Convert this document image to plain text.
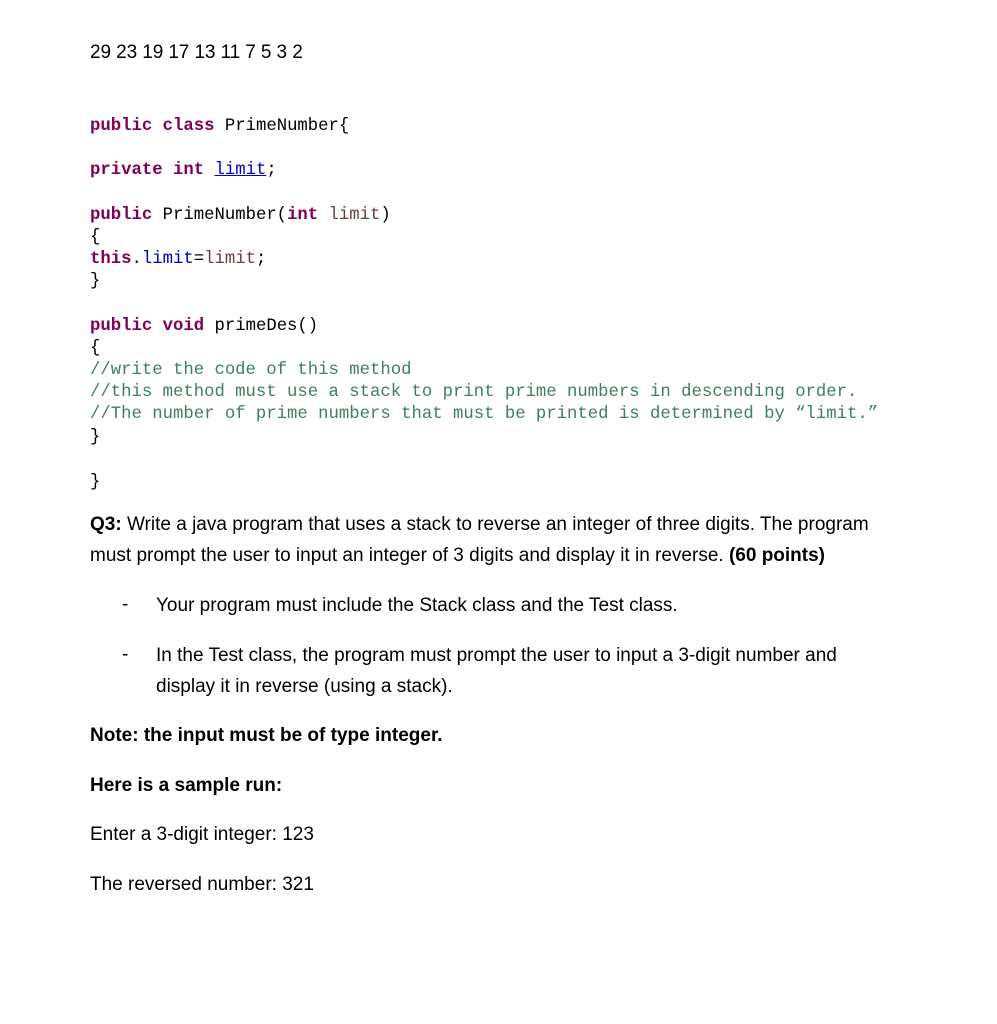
29 23 19 17 13 11 7 5 3 2
public class PrimeNumber{
private int limit;
public PrimeNumber(int limit)
{
this.limit=limit;
}
public void primeDes()
{
//write the code of this method
//this method must use a stack to print prime numbers in descending order.
//The number of prime numbers that must be printed is determined by “limit.”
}
}
Q3: Write a java program that uses a stack to reverse an integer of three digits. The program
must prompt the user to input an integer of 3 digits and display it in reverse. (60 points)
- Your program must include the Stack class and the Test class.
- In the Test class, the program must prompt the user to input a 3-digit number and
display it in reverse (using a stack).
Note: the input must be of type integer.
Here is a sample run:
Enter a 3-digit integer: 123
The reversed number: 321
